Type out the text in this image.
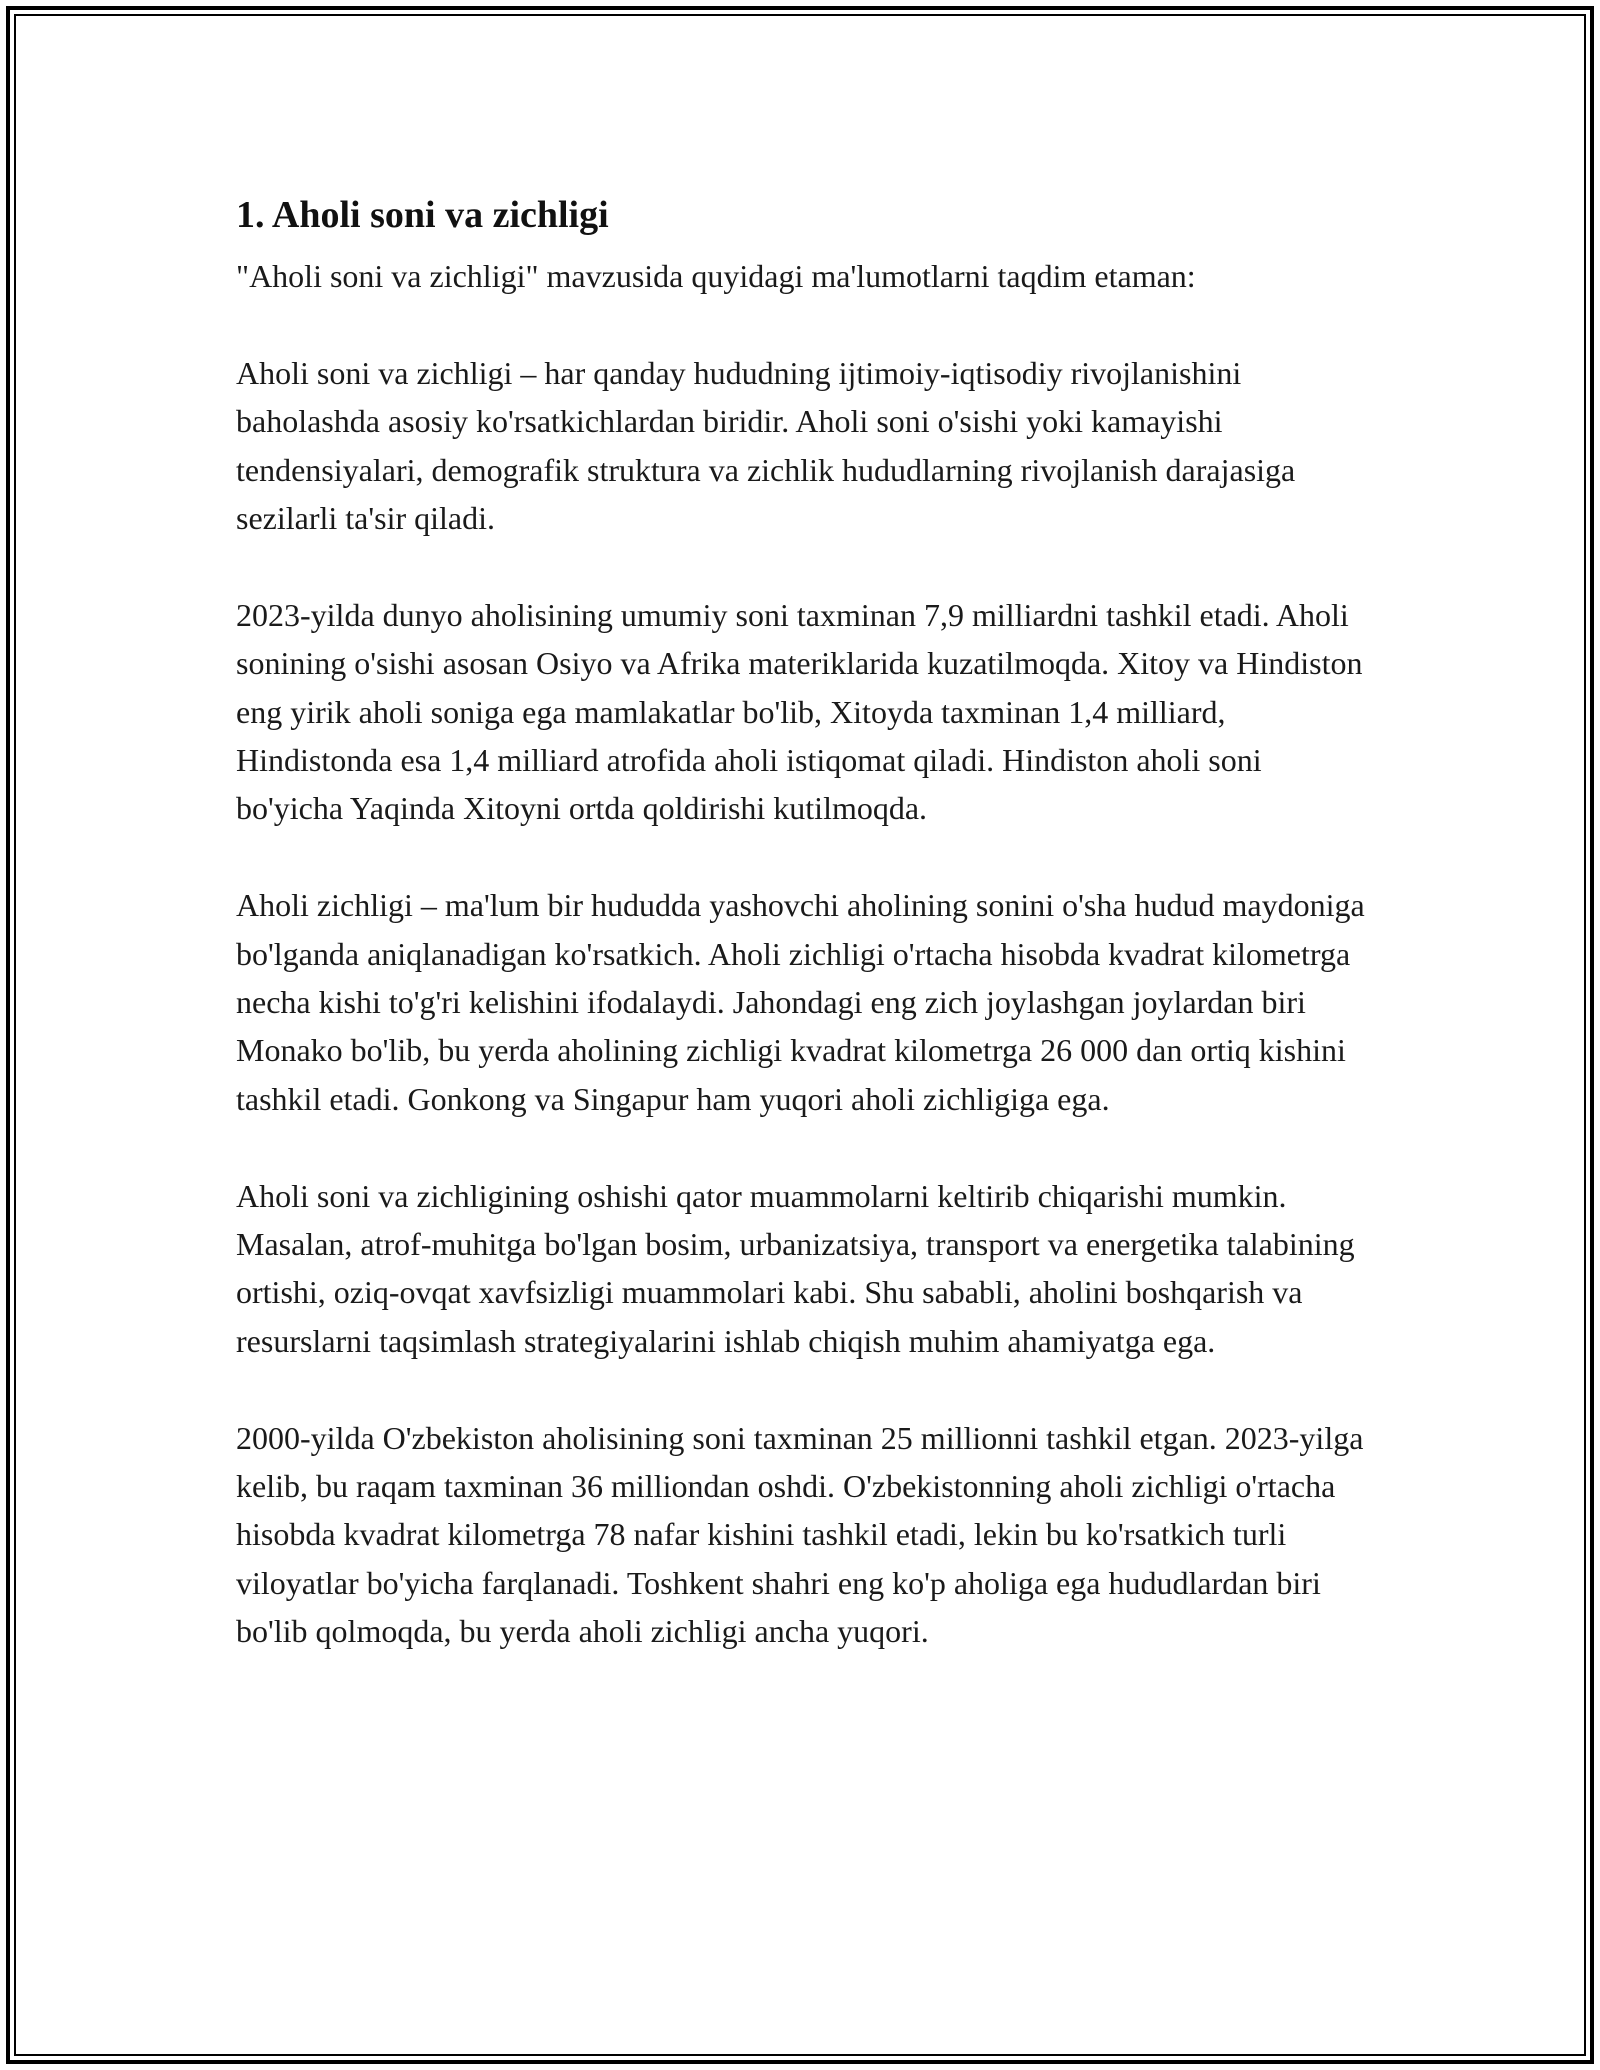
1. Aholi soni va zichligi

"Aholi soni va zichligi" mavzusida quyidagi ma'lumotlarni taqdim etaman:

Aholi soni va zichligi – har qanday hududning ijtimoiy-iqtisodiy rivojlanishini baholashda asosiy ko'rsatkichlardan biridir. Aholi soni o'sishi yoki kamayishi tendensiyalari, demografik struktura va zichlik hududlarning rivojlanish darajasiga sezilarli ta'sir qiladi.

2023-yilda dunyo aholisining umumiy soni taxminan 7,9 milliardni tashkil etadi. Aholi sonining o'sishi asosan Osiyo va Afrika materiklarida kuzatilmoqda. Xitoy va Hindiston eng yirik aholi soniga ega mamlakatlar bo'lib, Xitoyda taxminan 1,4 milliard, Hindistonda esa 1,4 milliard atrofida aholi istiqomat qiladi. Hindiston aholi soni bo'yicha Yaqinda Xitoyni ortda qoldirishi kutilmoqda.

Aholi zichligi – ma'lum bir hududda yashovchi aholining sonini o'sha hudud maydoniga bo'lganda aniqlanadigan ko'rsatkich. Aholi zichligi o'rtacha hisobda kvadrat kilometrga necha kishi to'g'ri kelishini ifodalaydi. Jahondagi eng zich joylashgan joylardan biri Monako bo'lib, bu yerda aholining zichligi kvadrat kilometrga 26 000 dan ortiq kishini tashkil etadi. Gonkong va Singapur ham yuqori aholi zichligiga ega.

Aholi soni va zichligining oshishi qator muammolarni keltirib chiqarishi mumkin. Masalan, atrof-muhitga bo'lgan bosim, urbanizatsiya, transport va energetika talabining ortishi, oziq-ovqat xavfsizligi muammolari kabi. Shu sababli, aholini boshqarish va resurslarni taqsimlash strategiyalarini ishlab chiqish muhim ahamiyatga ega.

2000-yilda O'zbekiston aholisining soni taxminan 25 millionni tashkil etgan. 2023-yilga kelib, bu raqam taxminan 36 milliondan oshdi. O'zbekistonning aholi zichligi o'rtacha hisobda kvadrat kilometrga 78 nafar kishini tashkil etadi, lekin bu ko'rsatkich turli viloyatlar bo'yicha farqlanadi. Toshkent shahri eng ko'p aholiga ega hududlardan biri bo'lib qolmoqda, bu yerda aholi zichligi ancha yuqori.
